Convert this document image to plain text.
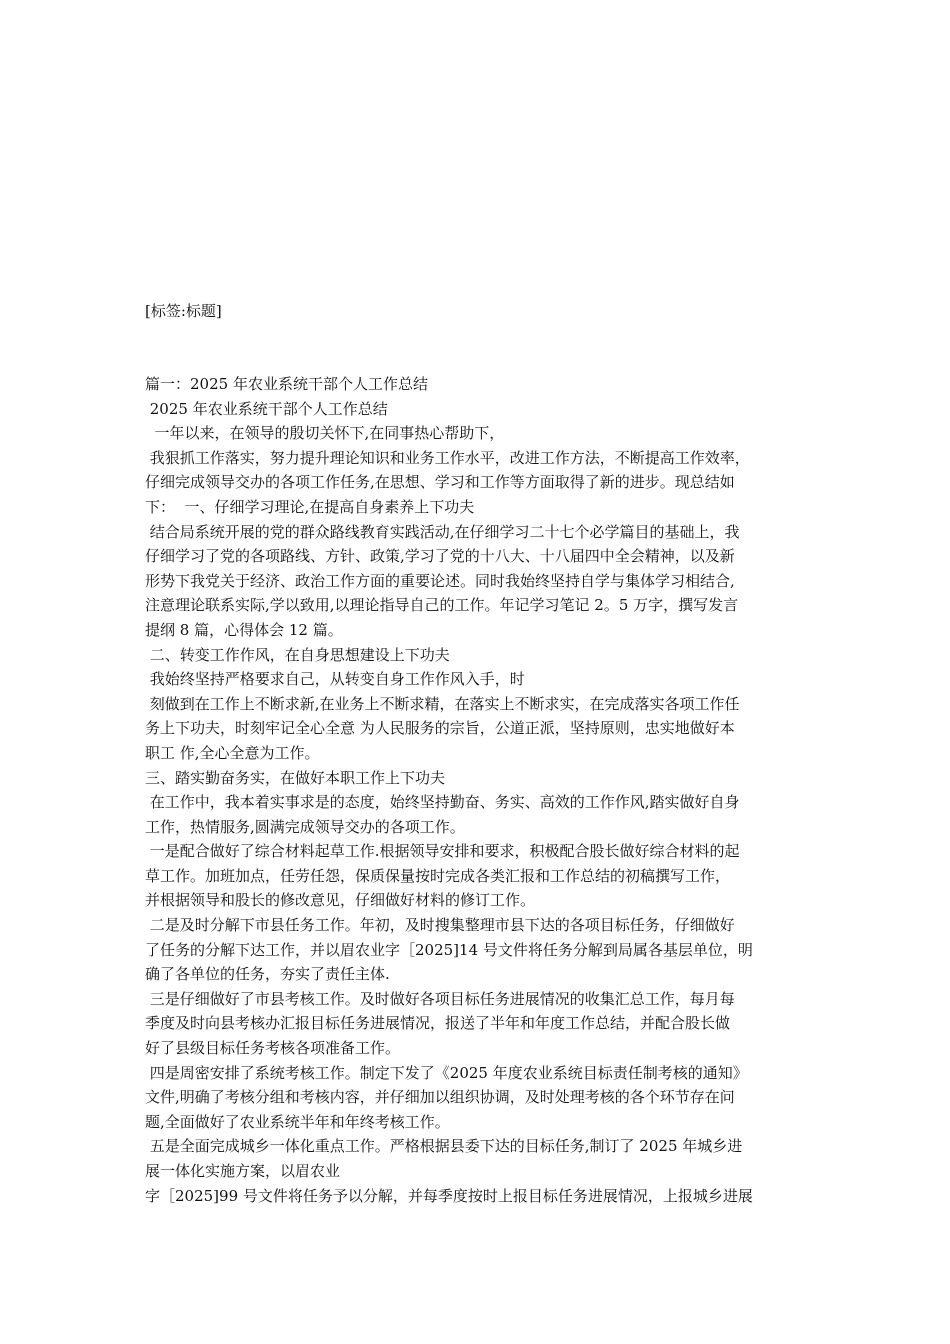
[标签:标题]
篇一：2025 年农业系统干部个人工作总结
2025 年农业系统干部个人工作总结
一年以来，在领导的殷切关怀下,在同事热心帮助下，
我狠抓工作落实，努力提升理论知识和业务工作水平，改进工作方法，不断提高工作效率，
仔细完成领导交办的各项工作任务,在思想、学习和工作等方面取得了新的进步。现总结如
下：  一、仔细学习理论,在提高自身素养上下功夫
结合局系统开展的党的群众路线教育实践活动,在仔细学习二十七个必学篇目的基础上，我
仔细学习了党的各项路线、方针、政策,学习了党的十八大、十八届四中全会精神，以及新
形势下我党关于经济、政治工作方面的重要论述。同时我始终坚持自学与集体学习相结合,
注意理论联系实际,学以致用,以理论指导自己的工作。年记学习笔记 2。5 万字，撰写发言
提纲 8 篇，心得体会 12 篇。
二、转变工作作风，在自身思想建设上下功夫
我始终坚持严格要求自己，从转变自身工作作风入手，时
刻做到在工作上不断求新,在业务上不断求精，在落实上不断求实，在完成落实各项工作任
务上下功夫，时刻牢记全心全意 为人民服务的宗旨，公道正派，坚持原则，忠实地做好本
职工 作,全心全意为工作。
三、踏实勤奋务实，在做好本职工作上下功夫
在工作中，我本着实事求是的态度，始终坚持勤奋、务实、高效的工作作风,踏实做好自身
工作，热情服务,圆满完成领导交办的各项工作。
一是配合做好了综合材料起草工作.根据领导安排和要求，积极配合股长做好综合材料的起
草工作。加班加点，任劳任怨，保质保量按时完成各类汇报和工作总结的初稿撰写工作，
并根据领导和股长的修改意见，仔细做好材料的修订工作。
二是及时分解下市县任务工作。年初，及时搜集整理市县下达的各项目标任务，仔细做好
了任务的分解下达工作，并以眉农业字［2025]14 号文件将任务分解到局属各基层单位，明
确了各单位的任务，夯实了责任主体.
三是仔细做好了市县考核工作。及时做好各项目标任务进展情况的收集汇总工作，每月每
季度及时向县考核办汇报目标任务进展情况，报送了半年和年度工作总结，并配合股长做
好了县级目标任务考核各项准备工作。
四是周密安排了系统考核工作。制定下发了《2025 年度农业系统目标责任制考核的通知》
文件,明确了考核分组和考核内容，并仔细加以组织协调，及时处理考核的各个环节存在问
题,全面做好了农业系统半年和年终考核工作。
五是全面完成城乡一体化重点工作。严格根据县委下达的目标任务,制订了 2025 年城乡进
展一体化实施方案，以眉农业
字［2025]99 号文件将任务予以分解，并每季度按时上报目标任务进展情况，上报城乡进展
